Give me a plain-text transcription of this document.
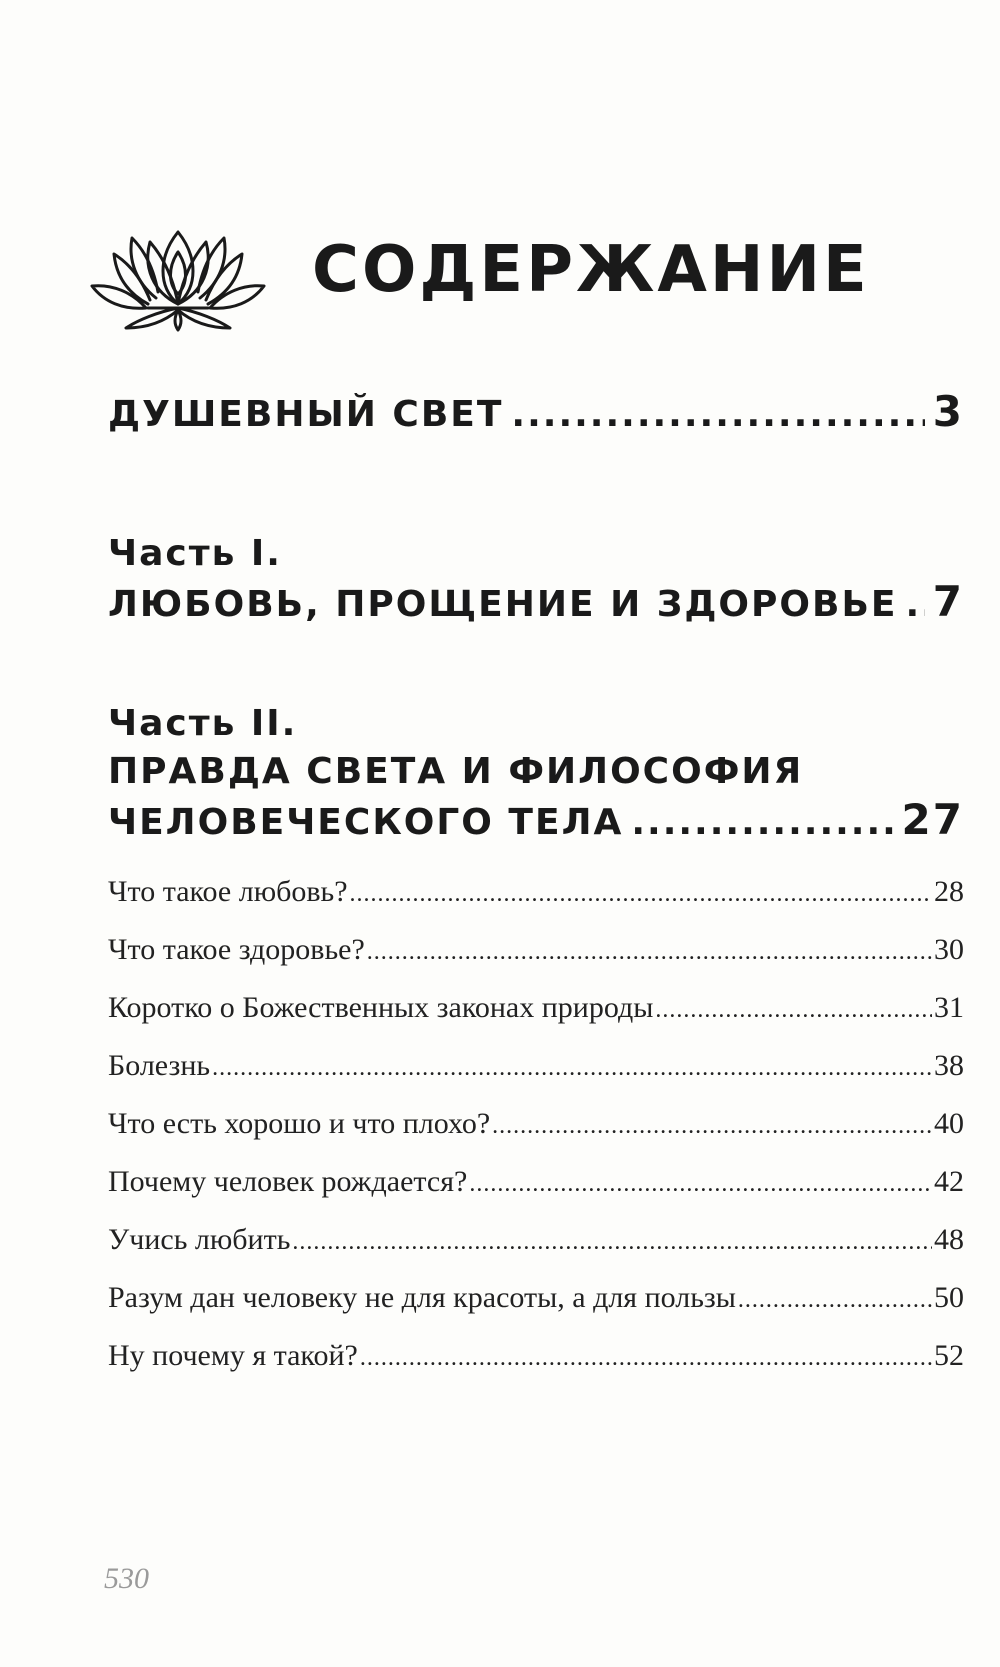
СОДЕРЖАНИЕ
ДУШЕВНЫЙ СВЕТ .....	3
Часть I.
ЛЮБОВЬ, ПРОЩЕНИЕ И ЗДОРОВЬЕ ..... 7
Часть II.
ПРАВДА СВЕТА И ФИЛОСОФИЯ
ЧЕЛОВЕЧЕСКОГО ТЕЛА .....	27
Что такое любовь? .....	28
Что такое здоровье? .....	30
Коротко о Божественных законах природы .....	31
Болезнь .....	38
Что есть хорошо и что плохо? .....	40
Почему человек рождается? .....	42
Учись любить .....	48
Разум дан человеку не для красоты, а для пользы .....	50
Ну почему я такой? .....	52
530
